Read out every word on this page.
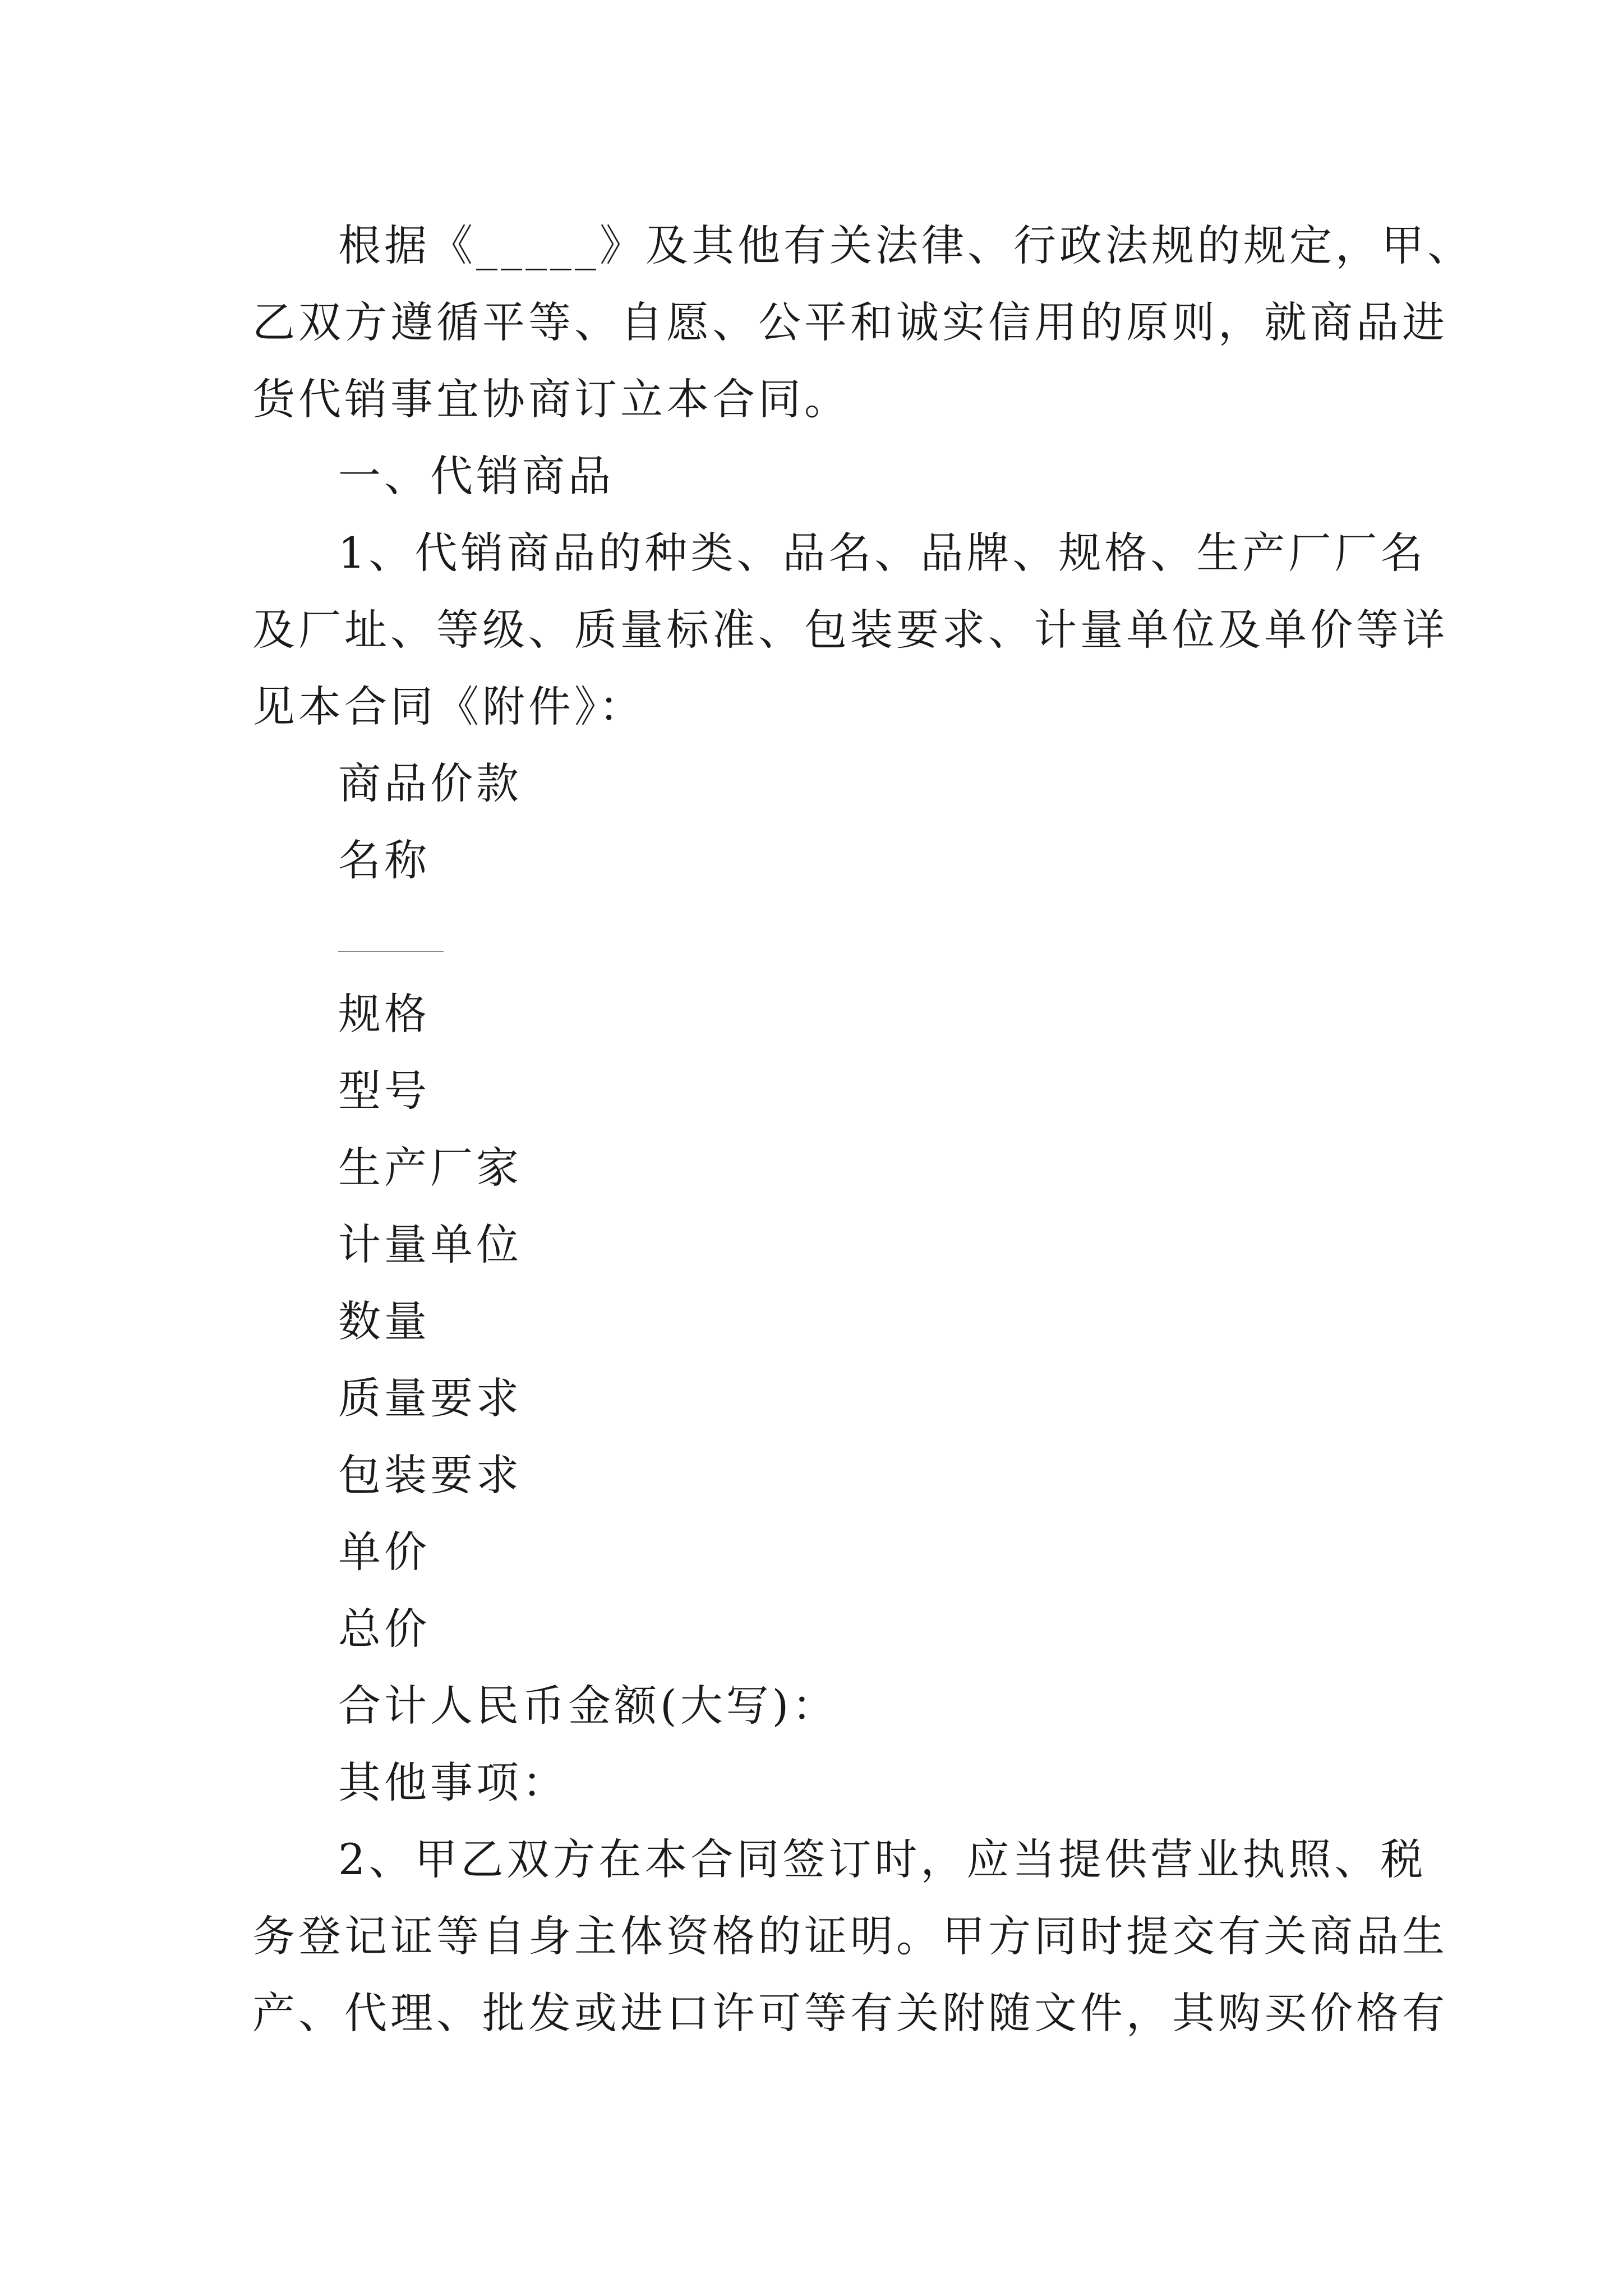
根据《_____》及其他有关法律、行政法规的规定，甲、
乙双方遵循平等、自愿、公平和诚实信用的原则，就商品进
货代销事宜协商订立本合同。
一、代销商品
1、代销商品的种类、品名、品牌、规格、生产厂厂名
及厂址、等级、质量标准、包装要求、计量单位及单价等详
见本合同《附件》：
商品价款
名称
规格
型号
生产厂家
计量单位
数量
质量要求
包装要求
单价
总价
合计人民币金额(大写)：
其他事项：
2、甲乙双方在本合同签订时，应当提供营业执照、税
务登记证等自身主体资格的证明。甲方同时提交有关商品生
产、代理、批发或进口许可等有关附随文件，其购买价格有
